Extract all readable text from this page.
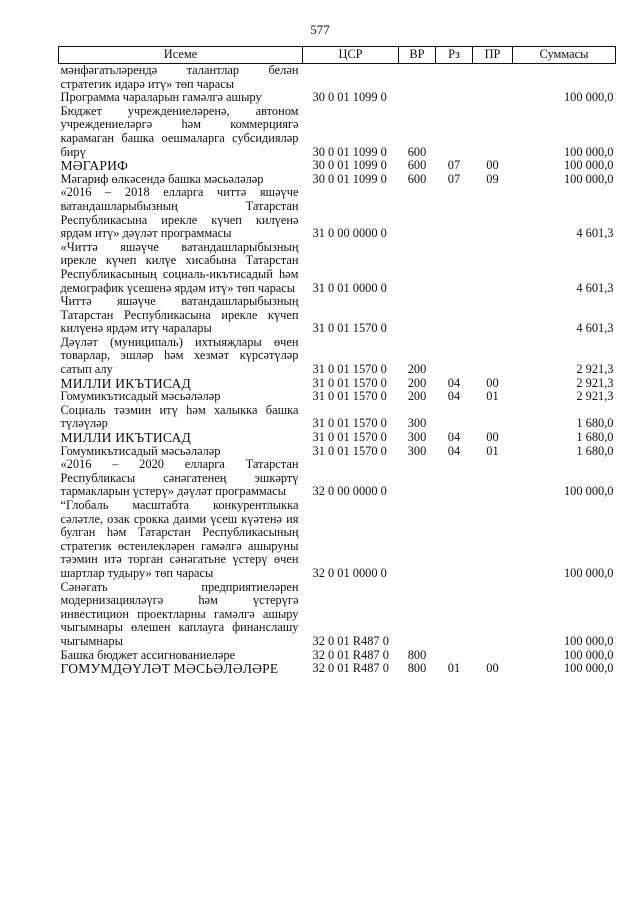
577
Исеме	ЦСР	ВР	Рз	ПР	Суммасы
мәнфәгатьләрендә талантлар белән стратегик идарә итү» төп чарасы					
Программа чараларын гамәлгә ашыру	30 0 01 1099 0				100 000,0
Бюджет учреждениеләренә, автоном учреждениеләргә һәм коммерциягә карамаган башка оешмаларга субсидияләр бирү	30 0 01 1099 0	600			100 000,0
МӘГАРИФ	30 0 01 1099 0	600	07	00	100 000,0
Мәгариф өлкәсендә башка мәсьәләләр	30 0 01 1099 0	600	07	09	100 000,0
«2016 – 2018 елларга читтә яшәүче ватандашларыбызның Татарстан Республикасына ирекле күчеп килүенә ярдәм итү» дәүләт программасы	31 0 00 0000 0				4 601,3
«Читтә яшәүче ватандашларыбызның ирекле күчеп килүе хисабына Татарстан Республикасының социаль-икътисадый һәм демографик үсешенә ярдәм итү» төп чарасы	31 0 01 0000 0				4 601,3
Читтә яшәүче ватандашларыбызның Татарстан Республикасына ирекле күчеп килүенә ярдәм итү чаралары	31 0 01 1570 0				4 601,3
Дәүләт (муниципаль) ихтыяҗлары өчен товарлар, эшләр һәм хезмәт күрсәтүләр сатып алу	31 0 01 1570 0	200			2 921,3
МИЛЛИ ИКЪТИСАД	31 0 01 1570 0	200	04	00	2 921,3
Гомумикътисадый мәсьәләләр	31 0 01 1570 0	200	04	01	2 921,3
Социаль тәэмин итү һәм халыкка башка түләүләр	31 0 01 1570 0	300			1 680,0
МИЛЛИ ИКЪТИСАД	31 0 01 1570 0	300	04	00	1 680,0
Гомумикътисадый мәсьәләләр	31 0 01 1570 0	300	04	01	1 680,0
«2016 – 2020 елларга Татарстан Республикасы сәнәгатенең эшкәртү тармакларын үстерү» дәүләт программасы	32 0 00 0000 0				100 000,0
“Глобаль масштабта конкурентлыкка сәләтле, озак срокка даими үсеш күәтенә ия булган һәм Татарстан Республикасының стратегик өстенлекләрен гамәлгә ашыруны тәэмин итә торган сәнәгатьне үстерү өчен шартлар тудыру» төп чарасы	32 0 01 0000 0				100 000,0
Сәнәгать предприятиеләрен модернизацияләүгә һәм үстерүгә инвестицион проектларны гамәлгә ашыру чыгымнары өлешен каплауга финанслашу чыгымнары	32 0 01 R487 0				100 000,0
Башка бюджет ассигнованиеләре	32 0 01 R487 0	800			100 000,0
ГОМУМДӘҮЛӘТ МӘСЬӘЛӘЛӘРЕ	32 0 01 R487 0	800	01	00	100 000,0
